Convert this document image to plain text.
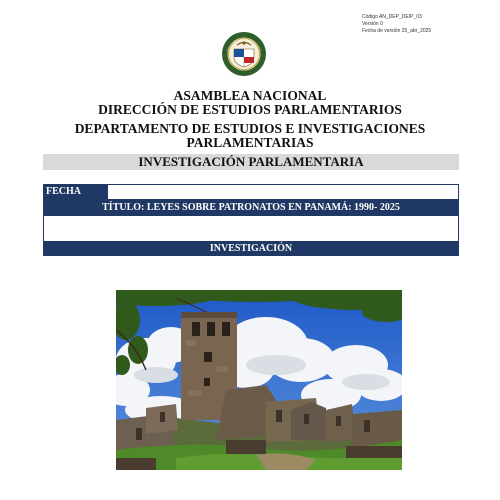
Código AN_DEP_DEIP_03
Versión 0
Fecha de versión 25_abr_2025
ASAMBLEA NACIONAL
DIRECCIÓN DE ESTUDIOS PARLAMENTARIOS
DEPARTAMENTO DE ESTUDIOS E INVESTIGACIONES
PARLAMENTARIAS
INVESTIGACIÓN PARLAMENTARIA
FECHA
TÍTULO: LEYES SOBRE PATRONATOS EN PANAMÁ: 1990- 2025
INVESTIGACIÓN
